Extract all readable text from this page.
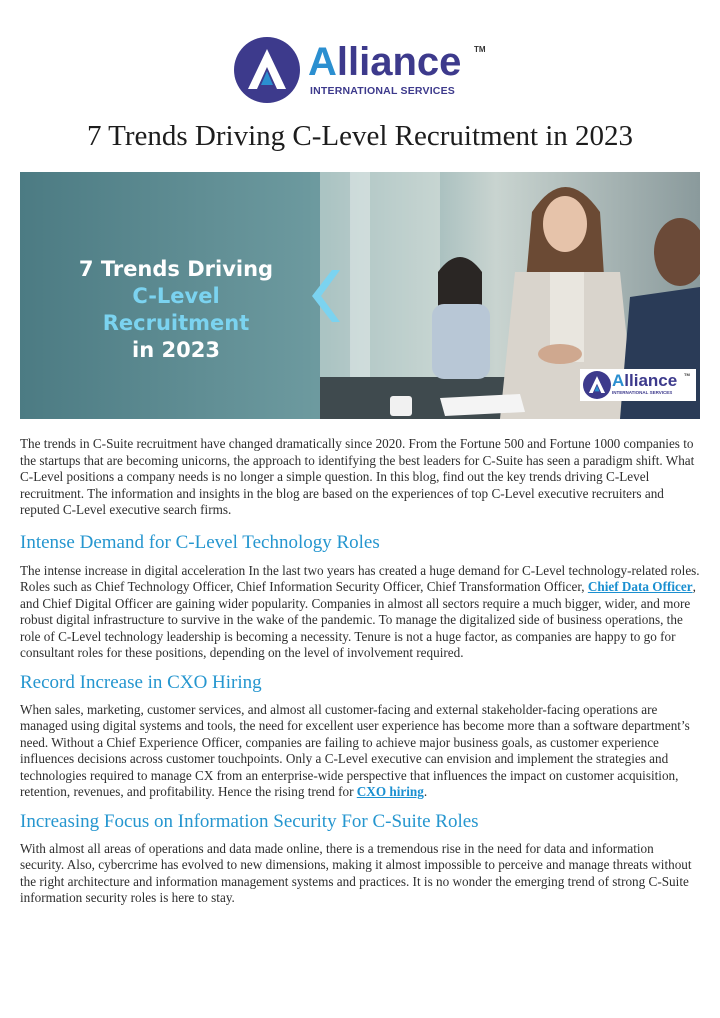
Alliance TM
INTERNATIONAL SERVICES
7 Trends Driving C-Level Recruitment in 2023
7 Trends Driving
C-Level Recruitment
in 2023
Alliance TM
INTERNATIONAL SERVICES

The trends in C-Suite recruitment have changed dramatically since 2020. From the Fortune 500 and Fortune 1000 companies to the startups that are becoming unicorns, the approach to identifying the best leaders for C-Suite has seen a paradigm shift. What C-Level positions a company needs is no longer a simple question. In this blog, find out the key trends driving C-Level recruitment. The information and insights in the blog are based on the experiences of top C-Level executive recruiters and reputed C-Level executive search firms.

Intense Demand for C-Level Technology Roles

The intense increase in digital acceleration In the last two years has created a huge demand for C-Level technology-related roles. Roles such as Chief Technology Officer, Chief Information Security Officer, Chief Transformation Officer, Chief Data Officer, and Chief Digital Officer are gaining wider popularity. Companies in almost all sectors require a much bigger, wider, and more robust digital infrastructure to survive in the wake of the pandemic. To manage the digitalized side of business operations, the role of C-Level technology leadership is becoming a necessity. Tenure is not a huge factor, as companies are happy to go for consultant roles for these positions, depending on the level of involvement required.

Record Increase in CXO Hiring

When sales, marketing, customer services, and almost all customer-facing and external stakeholder-facing operations are managed using digital systems and tools, the need for excellent user experience has become more than a software department’s need. Without a Chief Experience Officer, companies are failing to achieve major business goals, as customer experience influences decisions across customer touchpoints. Only a C-Level executive can envision and implement the strategies and technologies required to manage CX from an enterprise-wide perspective that influences the impact on customer acquisition, retention, revenues, and profitability. Hence the rising trend for CXO hiring.

Increasing Focus on Information Security For C-Suite Roles

With almost all areas of operations and data made online, there is a tremendous rise in the need for data and information security. Also, cybercrime has evolved to new dimensions, making it almost impossible to perceive and manage threats without the right architecture and information management systems and practices. It is no wonder the emerging trend of strong C-Suite information security roles is here to stay.
